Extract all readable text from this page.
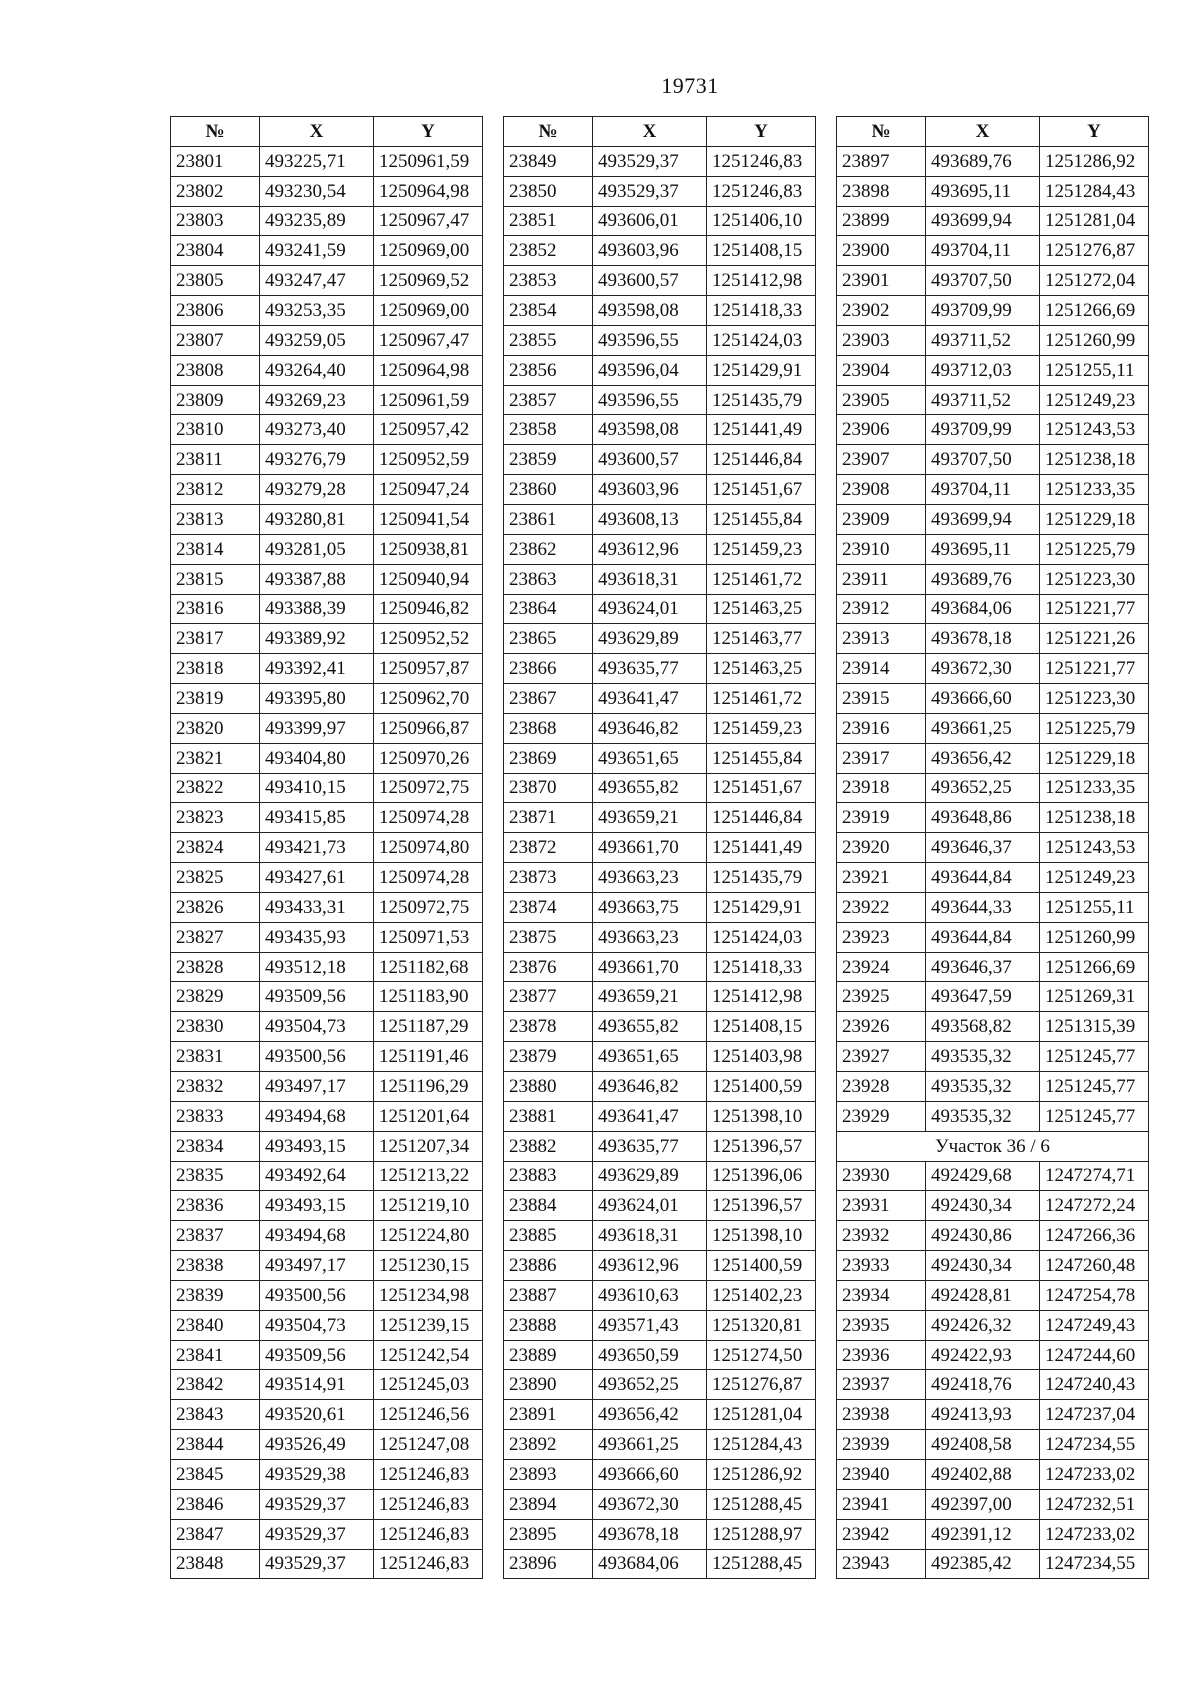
19731
№	X	Y
23801	493225,71	1250961,59
23802	493230,54	1250964,98
23803	493235,89	1250967,47
23804	493241,59	1250969,00
23805	493247,47	1250969,52
23806	493253,35	1250969,00
23807	493259,05	1250967,47
23808	493264,40	1250964,98
23809	493269,23	1250961,59
23810	493273,40	1250957,42
23811	493276,79	1250952,59
23812	493279,28	1250947,24
23813	493280,81	1250941,54
23814	493281,05	1250938,81
23815	493387,88	1250940,94
23816	493388,39	1250946,82
23817	493389,92	1250952,52
23818	493392,41	1250957,87
23819	493395,80	1250962,70
23820	493399,97	1250966,87
23821	493404,80	1250970,26
23822	493410,15	1250972,75
23823	493415,85	1250974,28
23824	493421,73	1250974,80
23825	493427,61	1250974,28
23826	493433,31	1250972,75
23827	493435,93	1250971,53
23828	493512,18	1251182,68
23829	493509,56	1251183,90
23830	493504,73	1251187,29
23831	493500,56	1251191,46
23832	493497,17	1251196,29
23833	493494,68	1251201,64
23834	493493,15	1251207,34
23835	493492,64	1251213,22
23836	493493,15	1251219,10
23837	493494,68	1251224,80
23838	493497,17	1251230,15
23839	493500,56	1251234,98
23840	493504,73	1251239,15
23841	493509,56	1251242,54
23842	493514,91	1251245,03
23843	493520,61	1251246,56
23844	493526,49	1251247,08
23845	493529,38	1251246,83
23846	493529,37	1251246,83
23847	493529,37	1251246,83
23848	493529,37	1251246,83
№	X	Y
23849	493529,37	1251246,83
23850	493529,37	1251246,83
23851	493606,01	1251406,10
23852	493603,96	1251408,15
23853	493600,57	1251412,98
23854	493598,08	1251418,33
23855	493596,55	1251424,03
23856	493596,04	1251429,91
23857	493596,55	1251435,79
23858	493598,08	1251441,49
23859	493600,57	1251446,84
23860	493603,96	1251451,67
23861	493608,13	1251455,84
23862	493612,96	1251459,23
23863	493618,31	1251461,72
23864	493624,01	1251463,25
23865	493629,89	1251463,77
23866	493635,77	1251463,25
23867	493641,47	1251461,72
23868	493646,82	1251459,23
23869	493651,65	1251455,84
23870	493655,82	1251451,67
23871	493659,21	1251446,84
23872	493661,70	1251441,49
23873	493663,23	1251435,79
23874	493663,75	1251429,91
23875	493663,23	1251424,03
23876	493661,70	1251418,33
23877	493659,21	1251412,98
23878	493655,82	1251408,15
23879	493651,65	1251403,98
23880	493646,82	1251400,59
23881	493641,47	1251398,10
23882	493635,77	1251396,57
23883	493629,89	1251396,06
23884	493624,01	1251396,57
23885	493618,31	1251398,10
23886	493612,96	1251400,59
23887	493610,63	1251402,23
23888	493571,43	1251320,81
23889	493650,59	1251274,50
23890	493652,25	1251276,87
23891	493656,42	1251281,04
23892	493661,25	1251284,43
23893	493666,60	1251286,92
23894	493672,30	1251288,45
23895	493678,18	1251288,97
23896	493684,06	1251288,45
№	X	Y
23897	493689,76	1251286,92
23898	493695,11	1251284,43
23899	493699,94	1251281,04
23900	493704,11	1251276,87
23901	493707,50	1251272,04
23902	493709,99	1251266,69
23903	493711,52	1251260,99
23904	493712,03	1251255,11
23905	493711,52	1251249,23
23906	493709,99	1251243,53
23907	493707,50	1251238,18
23908	493704,11	1251233,35
23909	493699,94	1251229,18
23910	493695,11	1251225,79
23911	493689,76	1251223,30
23912	493684,06	1251221,77
23913	493678,18	1251221,26
23914	493672,30	1251221,77
23915	493666,60	1251223,30
23916	493661,25	1251225,79
23917	493656,42	1251229,18
23918	493652,25	1251233,35
23919	493648,86	1251238,18
23920	493646,37	1251243,53
23921	493644,84	1251249,23
23922	493644,33	1251255,11
23923	493644,84	1251260,99
23924	493646,37	1251266,69
23925	493647,59	1251269,31
23926	493568,82	1251315,39
23927	493535,32	1251245,77
23928	493535,32	1251245,77
23929	493535,32	1251245,77
Участок 36 / 6		
23930	492429,68	1247274,71
23931	492430,34	1247272,24
23932	492430,86	1247266,36
23933	492430,34	1247260,48
23934	492428,81	1247254,78
23935	492426,32	1247249,43
23936	492422,93	1247244,60
23937	492418,76	1247240,43
23938	492413,93	1247237,04
23939	492408,58	1247234,55
23940	492402,88	1247233,02
23941	492397,00	1247232,51
23942	492391,12	1247233,02
23943	492385,42	1247234,55
